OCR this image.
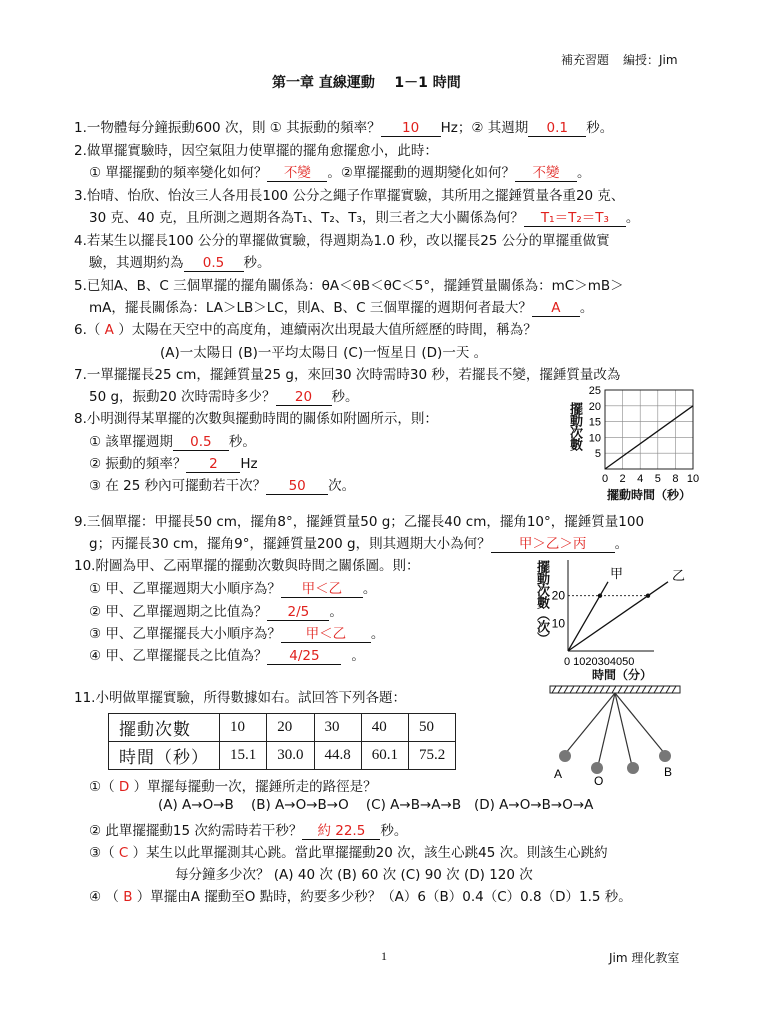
補充習題 編授：Jim
第一章 直線運動    1－1 時間
1.一物體每分鐘振動600 次，則 ① 其振動的頻率？ 10 Hz；② 其週期 0.1 秒。
2.做單擺實驗時，因空氣阻力使單擺的擺角愈擺愈小，此時：
① 單擺擺動的頻率變化如何？ 不變 。②單擺擺動的週期變化如何？ 不變 。
3.怡晴、怡欣、怡汝三人各用長100 公分之繩子作單擺實驗，其所用之擺錘質量各重20 克、
30 克、40 克，且所測之週期各為T₁、T₂、T₃，則三者之大小關係為何？ T₁＝T₂＝T₃ 。
4.若某生以擺長100 公分的單擺做實驗，得週期為1.0 秒，改以擺長25 公分的單擺重做實
驗，其週期約為 0.5 秒。
5.已知A、B、C 三個單擺的擺角關係為：θA＜θB＜θC＜5°，擺錘質量關係為：mC＞mB＞
mA，擺長關係為：LA＞LB＞LC，則A、B、C 三個單擺的週期何者最大？ A 。
6.（ A ）太陽在天空中的高度角，連續兩次出現最大值所經歷的時間，稱為？
(A)一太陽日 (B)一平均太陽日 (C)一恆星日 (D)一天 。
7.一單擺擺長25 cm，擺錘質量25 g，來回30 次時需時30 秒，若擺長不變，擺錘質量改為
50 g，振動20 次時需時多少？ 20 秒。
8.小明測得某單擺的次數與擺動時間的關係如附圖所示，則：
① 該單擺週期 0.5 秒。
② 振動的頻率？ 2 Hz
③ 在 25 秒內可擺動若干次？ 50 次。
擺動次數
5
10
15
20
25
0 2 4 5 8 10
擺動時間（秒）
9.三個單擺：甲擺長50 cm，擺角8°，擺錘質量50 g；乙擺長40 cm，擺角10°，擺錘質量100
g；丙擺長30 cm，擺角9°，擺錘質量200 g，則其週期大小為何？ 甲＞乙＞丙 。
10.附圖為甲、乙兩單擺的擺動次數與時間之關係圖。則：
① 甲、乙單擺週期大小順序為？ 甲＜乙 。
② 甲、乙單擺週期之比值為？ 2/5 。
③ 甲、乙單擺擺長大小順序為？ 甲＜乙 。
④ 甲、乙單擺擺長之比值為？ 4/25 。
擺動次數（次） 10
20
0 1020304050
甲	乙
時間（分）
11.小明做單擺實驗，所得數據如右。試回答下列各題：
擺動次數	10	20	30	40	50
時間（秒）	15.1	30.0	44.8	60.1	75.2
A	O
B
①（ D ）單擺每擺動一次，擺錘所走的路徑是？
(A) A→O→B    (B) A→O→B→O    (C) A→B→A→B   (D) A→O→B→O→A
② 此單擺擺動15 次約需時若干秒？ 約 22.5 秒。
③（ C ）某生以此單擺測其心跳。當此單擺擺動20 次，該生心跳45 次。則該生心跳約
每分鐘多少次？ (A) 40 次 (B) 60 次 (C) 90 次 (D) 120 次
④ （ B ）單擺由A 擺動至O 點時，約要多少秒？（A）6（B）0.4（C）0.8（D）1.5 秒。
1	Jim 理化教室
